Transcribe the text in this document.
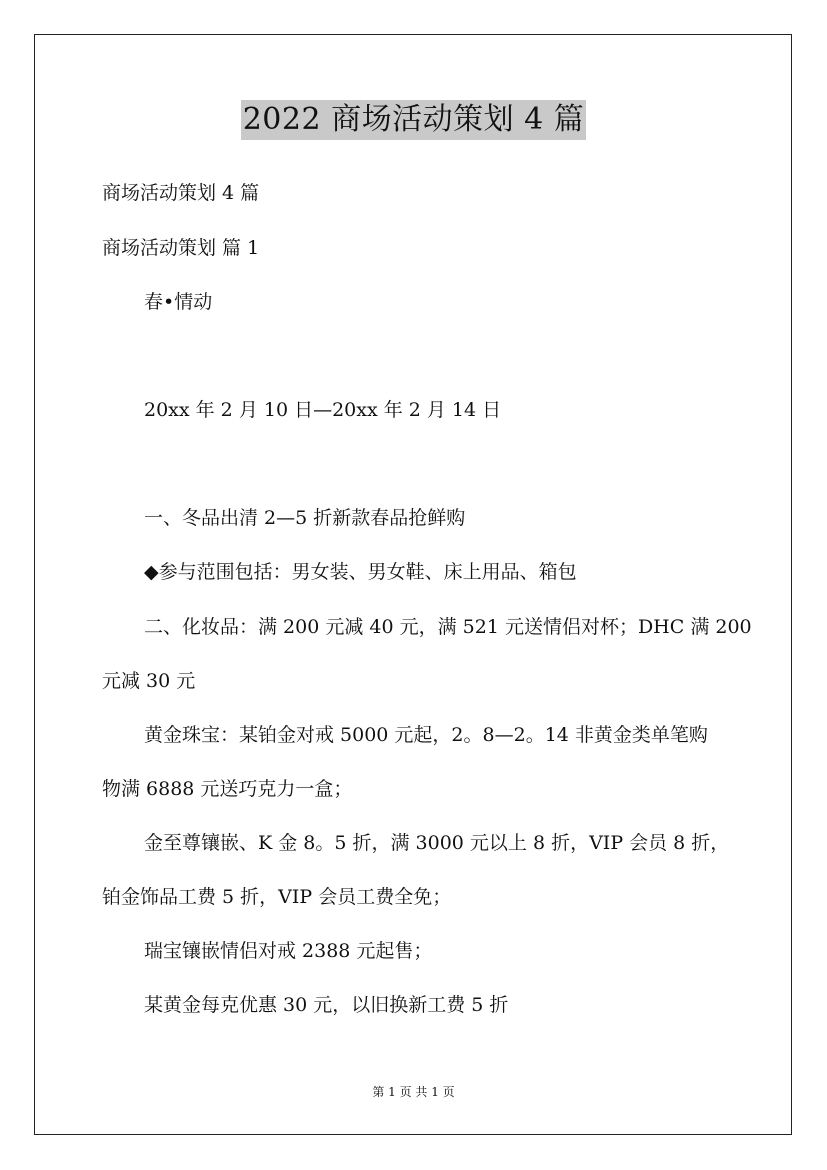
2022 商场活动策划 4 篇
商场活动策划 4 篇
商场活动策划 篇 1
春•情动
20xx 年 2 月 10 日—20xx 年 2 月 14 日
一、冬品出清 2—5 折新款春品抢鲜购
◆参与范围包括：男女装、男女鞋、床上用品、箱包
二、化妆品：满 200 元减 40 元，满 521 元送情侣对杯；DHC 满 200
元减 30 元
黄金珠宝：某铂金对戒 5000 元起，2。8—2。14 非黄金类单笔购
物满 6888 元送巧克力一盒；
金至尊镶嵌、K 金 8。5 折，满 3000 元以上 8 折，VIP 会员 8 折，
铂金饰品工费 5 折，VIP 会员工费全免；
瑞宝镶嵌情侣对戒 2388 元起售；
某黄金每克优惠 30 元，以旧换新工费 5 折
第 1 页 共 1 页
